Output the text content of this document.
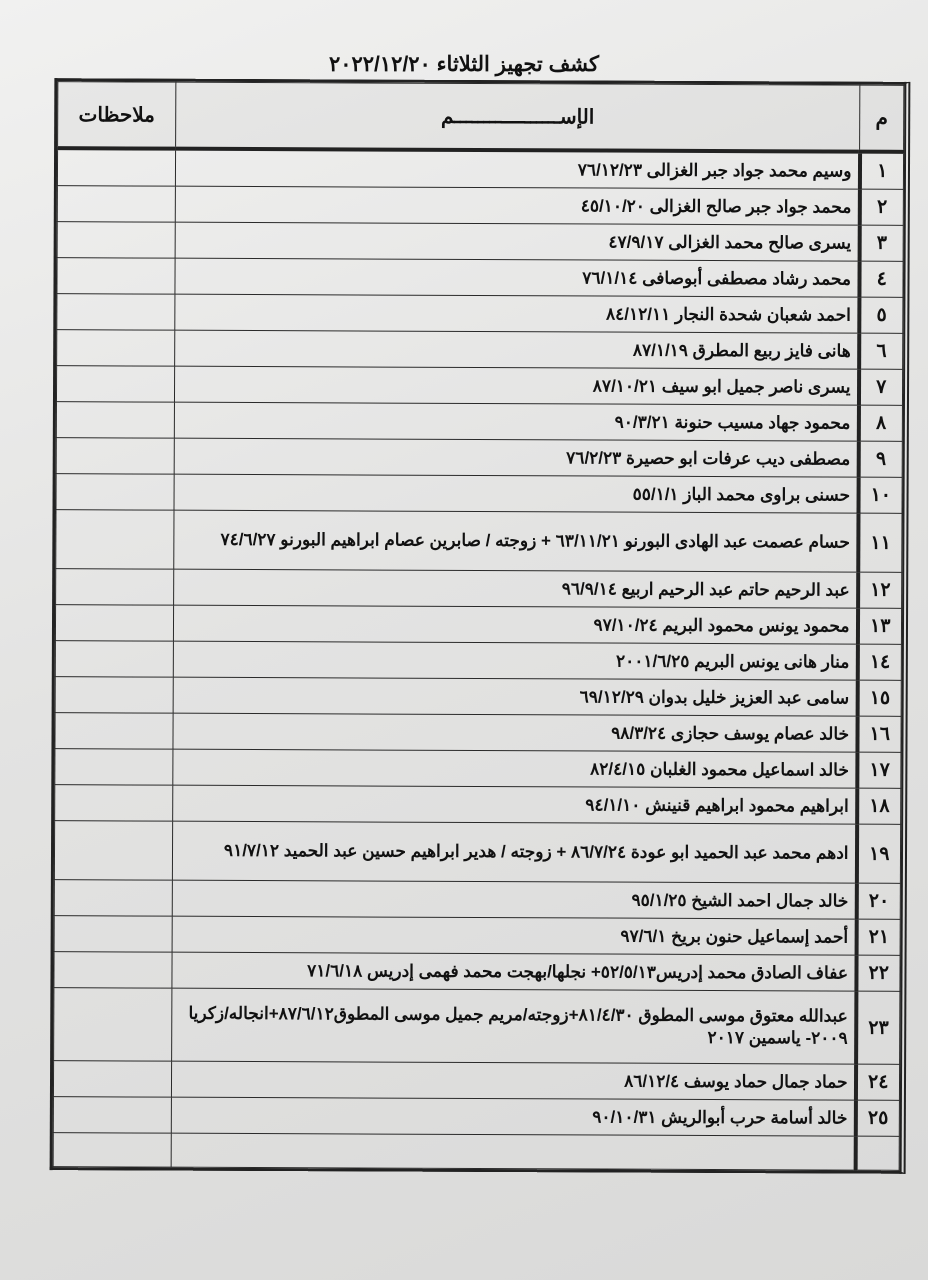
كشف تجهيز الثلاثاء ٢٠٢٢/١٢/٢٠
م	الإســــــــــــــــــم	ملاحظات
١	وسيم محمد جواد جبر الغزالى ٧٦/١٢/٢٣	
٢	محمد جواد جبر صالح الغزالى ٤٥/١٠/٢٠	
٣	يسرى صالح محمد الغزالى ٤٧/٩/١٧	
٤	محمد رشاد مصطفى أبوصافى ٧٦/١/١٤	
٥	احمد شعبان شحدة النجار ٨٤/١٢/١١	
٦	هانى فايز ربيع المطرق ٨٧/١/١٩	
٧	يسرى ناصر جميل ابو سيف ٨٧/١٠/٢١	
٨	محمود جهاد مسيب حنونة ٩٠/٣/٢١	
٩	مصطفى ديب عرفات ابو حصيرة ٧٦/٢/٢٣	
١٠	حسنى براوى محمد الباز ٥٥/١/١	
١١	حسام عصمت عبد الهادى البورنو ٦٣/١١/٢١ + زوجته / صابرين عصام ابراهيم البورنو ٧٤/٦/٢٧	
١٢	عبد الرحيم حاتم عبد الرحيم اربيع ٩٦/٩/١٤	
١٣	محمود يونس محمود البريم ٩٧/١٠/٢٤	
١٤	منار هانى يونس البريم ٢٠٠١/٦/٢٥	
١٥	سامى عبد العزيز خليل بدوان ٦٩/١٢/٢٩	
١٦	خالد عصام يوسف حجازى ٩٨/٣/٢٤	
١٧	خالد اسماعيل محمود الغلبان ٨٢/٤/١٥	
١٨	ابراهيم محمود ابراهيم قنينش ٩٤/١/١٠	
١٩	ادهم محمد عبد الحميد ابو عودة ٨٦/٧/٢٤ + زوجته / هدير ابراهيم حسين عبد الحميد ٩١/٧/١٢	
٢٠	خالد جمال احمد الشيخ ٩٥/١/٢٥	
٢١	أحمد إسماعيل حنون بريخ ٩٧/٦/١	
٢٢	عفاف الصادق محمد إدريس٥٢/٥/١٣+ نجلها/بهجت محمد فهمى إدريس ٧١/٦/١٨	
٢٣	عبدالله معتوق موسى المطوق ٨١/٤/٣٠+زوجته/مريم جميل موسى المطوق٨٧/٦/١٢+انجاله/زكريا ٢٠٠٩- ياسمين ٢٠١٧	
٢٤	حماد جمال حماد يوسف ٨٦/١٢/٤	
٢٥	خالد أسامة حرب أبوالريش ٩٠/١٠/٣١	
